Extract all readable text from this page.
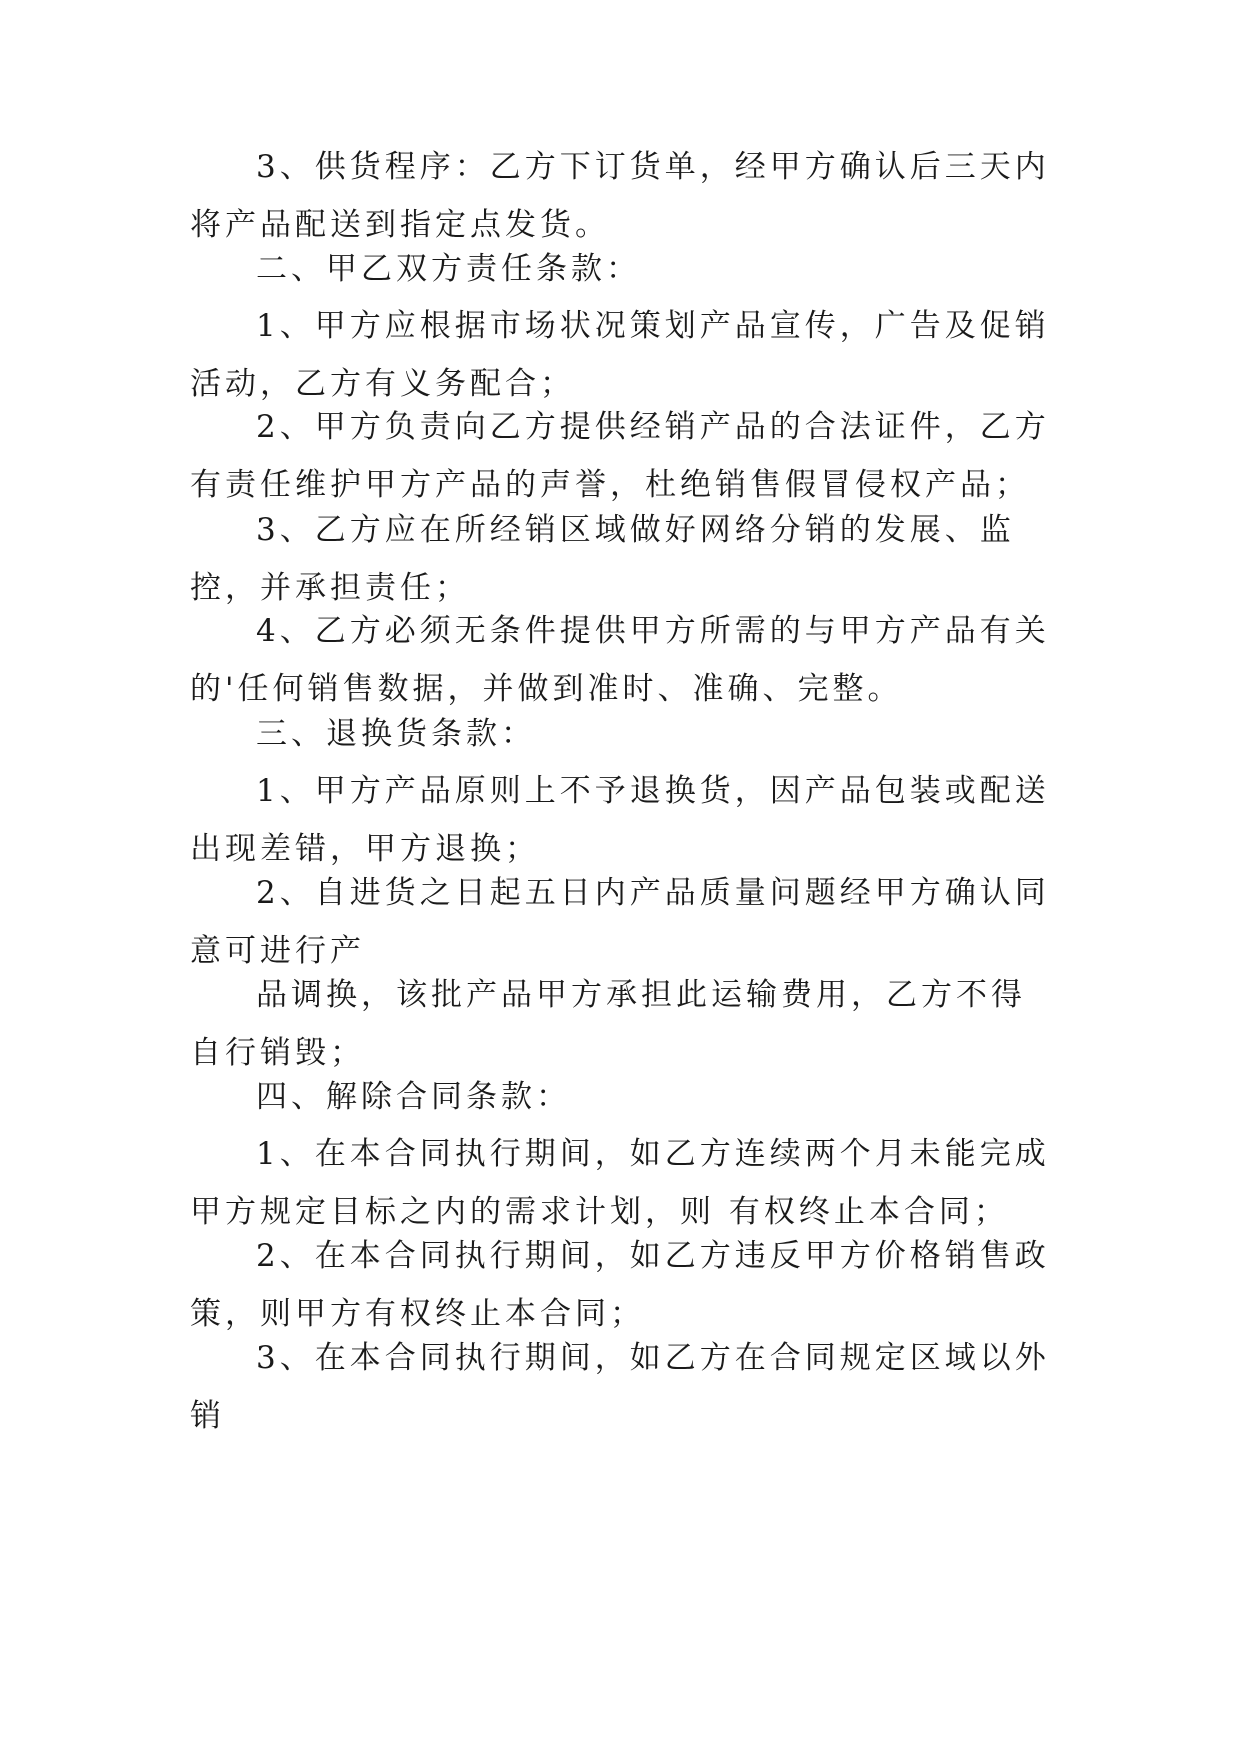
3、供货程序：乙方下订货单，经甲方确认后三天内将产品配送到指定点发货。

二、甲乙双方责任条款：

1、甲方应根据市场状况策划产品宣传，广告及促销活动，乙方有义务配合；

2、甲方负责向乙方提供经销产品的合法证件，乙方有责任维护甲方产品的声誉，杜绝销售假冒侵权产品；

3、乙方应在所经销区域做好网络分销的发展、监控，并承担责任；

4、乙方必须无条件提供甲方所需的与甲方产品有关的'任何销售数据，并做到准时、准确、完整。

三、退换货条款：

1、甲方产品原则上不予退换货，因产品包装或配送出现差错，甲方退换；

2、自进货之日起五日内产品质量问题经甲方确认同意可进行产

品调换，该批产品甲方承担此运输费用，乙方不得自行销毁；

四、解除合同条款：

1、在本合同执行期间，如乙方连续两个月未能完成甲方规定目标之内的需求计划，则 有权终止本合同；

2、在本合同执行期间，如乙方违反甲方价格销售政策，则甲方有权终止本合同；

3、在本合同执行期间，如乙方在合同规定区域以外销
